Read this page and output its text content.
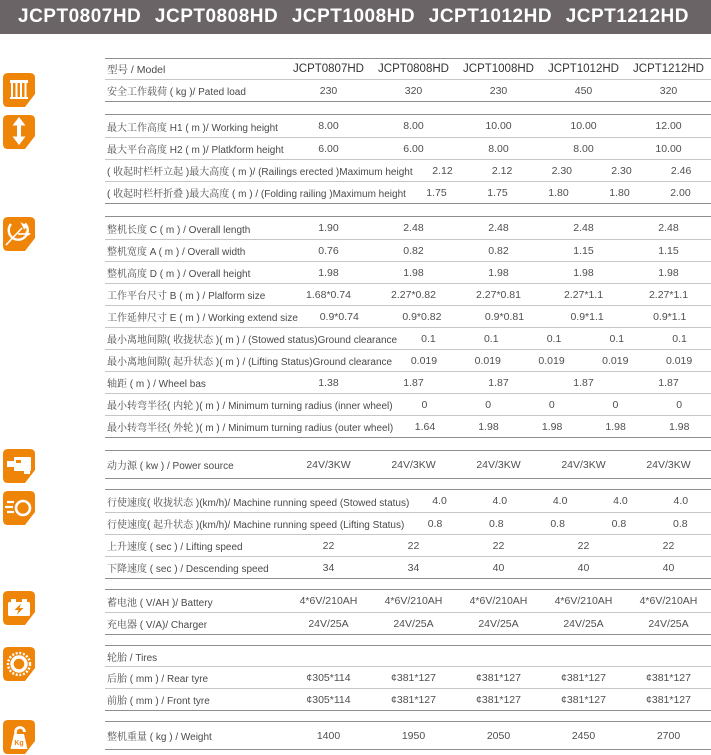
JCPT0807HD JCPT0808HD JCPT1008HD JCPT1012HD JCPT1212HD
Kg
型号 / Model	JCPT0807HD	JCPT0808HD	JCPT1008HD	JCPT1012HD	JCPT1212HD
安全工作载荷 ( kg )/ Pated load	230	320	230	450	320
最大工作高度 H1 ( m )/ Working height	8.00	8.00	10.00	10.00	12.00
最大平台高度 H2 ( m )/ Platkform height	6.00	6.00	8.00	8.00	10.00
( 收起时栏杆立起 )最大高度 ( m )/ (Railings erected )Maximum height	2.12	2.12	2.30	2.30	2.46
( 收起时栏杆折叠 )最大高度 ( m ) / (Folding railing )Maximum height	1.75	1.75	1.80	1.80	2.00
整机长度 C ( m ) / Overall length	1.90	2.48	2.48	2.48	2.48
整机宽度 A ( m ) / Overall width	0.76	0.82	0.82	1.15	1.15
整机高度 D ( m ) / Overall height	1.98	1.98	1.98	1.98	1.98
工作平台尺寸 B ( m ) / Plalform size	1.68*0.74	2.27*0.82	2.27*0.81	2.27*1.1	2.27*1.1
工作延伸尺寸 E ( m ) / Working extend size	0.9*0.74	0.9*0.82	0.9*0.81	0.9*1.1	0.9*1.1
最小离地间隙( 收拢状态 )( m ) / (Stowed status)Ground clearance	0.1	0.1	0.1	0.1	0.1
最小离地间隙( 起升状态 )( m ) / (Lifting Status)Ground clearance	0.019	0.019	0.019	0.019	0.019
轴距 ( m ) / Wheel bas	1.38	1.87	1.87	1.87	1.87
最小转弯半径( 内轮 )( m ) / Minimum turning radius (inner wheel)	0	0	0	0	0
最小转弯半径( 外轮 )( m ) / Minimum turning radius (outer wheel)	1.64	1.98	1.98	1.98	1.98
动力源 ( kw ) / Power source	24V/3KW	24V/3KW	24V/3KW	24V/3KW	24V/3KW
行使速度( 收拢状态 )(km/h)/ Machine running speed (Stowed status)	4.0	4.0	4.0	4.0	4.0
行使速度( 起升状态 )(km/h)/ Machine running speed (Lifting Status)	0.8	0.8	0.8	0.8	0.8
上升速度 ( sec ) / Lifting speed	22	22	22	22	22
下降速度 ( sec ) / Descending speed	34	34	40	40	40
蓄电池 ( V/AH )/ Battery	4*6V/210AH	4*6V/210AH	4*6V/210AH	4*6V/210AH	4*6V/210AH
充电器 ( V/A)/ Charger	24V/25A	24V/25A	24V/25A	24V/25A	24V/25A
轮胎 / Tires
后胎 ( mm ) / Rear tyre	¢305*114	¢381*127	¢381*127	¢381*127	¢381*127
前胎 ( mm ) / Front tyre	¢305*114	¢381*127	¢381*127	¢381*127	¢381*127
整机重量 ( kg ) / Weight	1400	1950	2050	2450	2700
